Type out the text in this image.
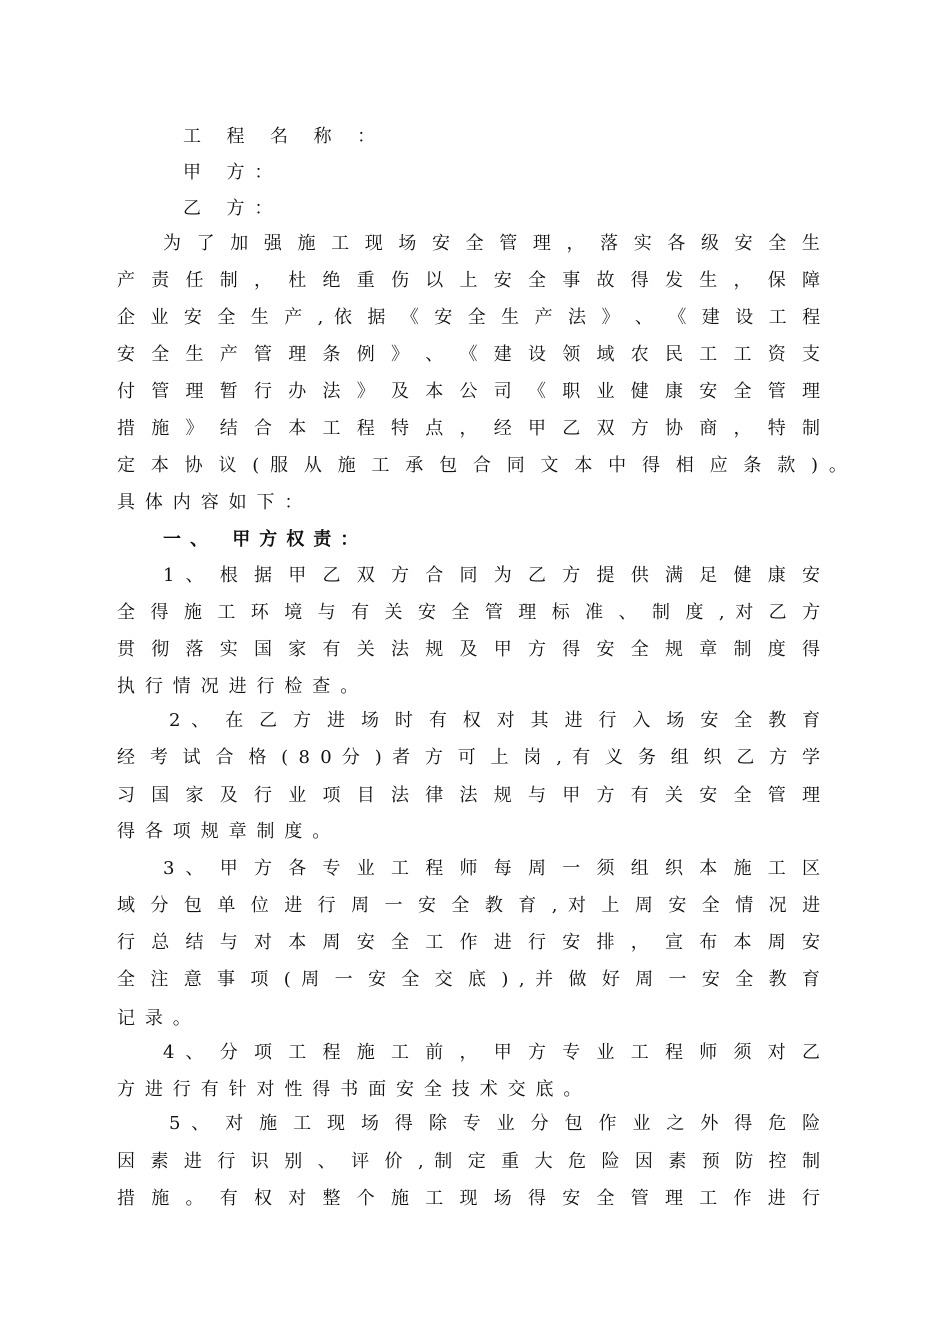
工 程 名 称 ：

甲 方：

乙 方：

为 了 加 强 施 工 现 场 安 全 管 理 ， 落 实 各 级 安 全 生

产 责 任 制 ， 杜 绝 重 伤 以 上 安 全 事 故 得 发 生 ， 保 障

企 业 安 全 生 产 , 依 据 《 安 全 生 产 法 》 、 《 建 设 工 程

安 全 生 产 管 理 条 例 》 、 《 建 设 领 域 农 民 工 工 资 支

付 管 理 暂 行 办 法 》 及 本 公 司 《 职 业 健 康 安 全 管 理

措 施 》 结 合 本 工 程 特 点 ， 经 甲 乙 双 方 协 商 ， 特 制

定 本 协 议 ( 服 从 施 工 承 包 合 同 文 本 中 得 相 应 条 款 ) 。

具体内容如下：

一、 甲方权责：

1 、 根 据 甲 乙 双 方 合 同 为 乙 方 提 供 满 足 健 康 安

全 得 施 工 环 境 与 有 关 安 全 管 理 标 准 、 制 度 , 对 乙 方

贯 彻 落 实 国 家 有 关 法 规 及 甲 方 得 安 全 规 章 制 度 得

执行情况进行检查。

2 、 在 乙 方 进 场 时 有 权 对 其 进 行 入 场 安 全 教 育

经 考 试 合 格 ( 8 0 分 ) 者 方 可 上 岗 , 有 义 务 组 织 乙 方 学

习 国 家 及 行 业 项 目 法 律 法 规 与 甲 方 有 关 安 全 管 理

得各项规章制度。

3 、 甲 方 各 专 业 工 程 师 每 周 一 须 组 织 本 施 工 区

域 分 包 单 位 进 行 周 一 安 全 教 育 , 对 上 周 安 全 情 况 进

行 总 结 与 对 本 周 安 全 工 作 进 行 安 排 ， 宣 布 本 周 安

全 注 意 事 项 ( 周 一 安 全 交 底 ) , 并 做 好 周 一 安 全 教 育

记录。

4 、 分 项 工 程 施 工 前 ， 甲 方 专 业 工 程 师 须 对 乙

方进行有针对性得书面安全技术交底。

5 、 对 施 工 现 场 得 除 专 业 分 包 作 业 之 外 得 危 险

因 素 进 行 识 别 、 评 价 , 制 定 重 大 危 险 因 素 预 防 控 制

措 施 。 有 权 对 整 个 施 工 现 场 得 安 全 管 理 工 作 进 行
